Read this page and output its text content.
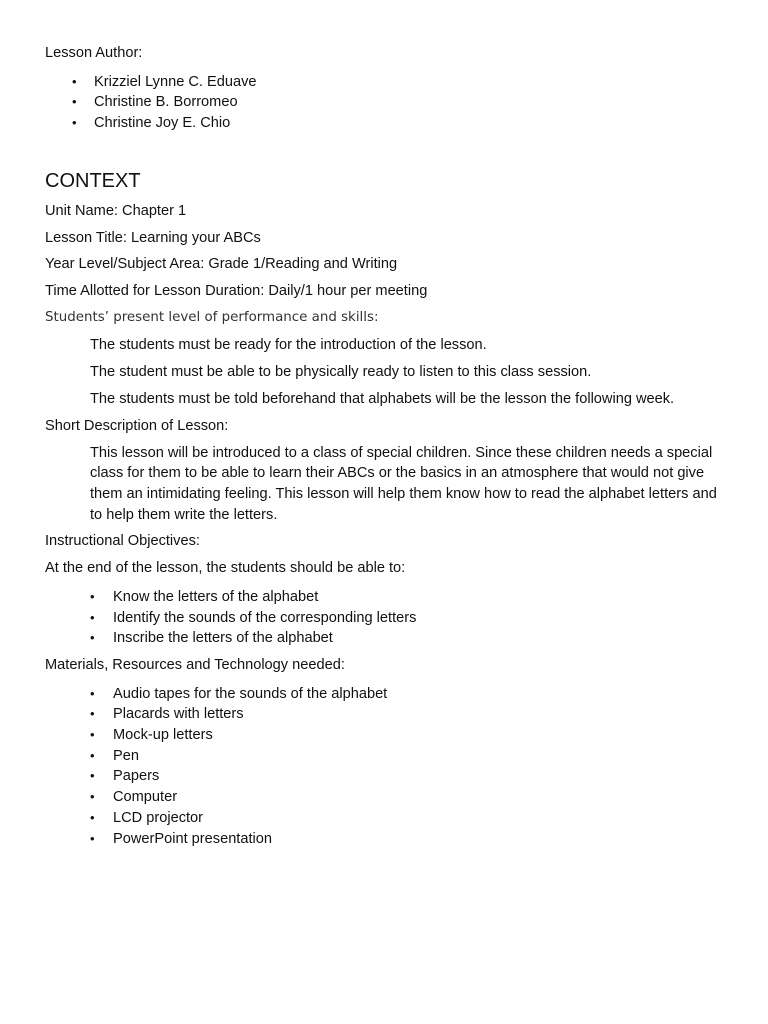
Lesson Author:

• Krizziel Lynne C. Eduave
• Christine B. Borromeo
• Christine Joy E. Chio

CONTEXT

Unit Name: Chapter 1

Lesson Title: Learning your ABCs

Year Level/Subject Area: Grade 1/Reading and Writing

Time Allotted for Lesson Duration: Daily/1 hour per meeting

Students’ present level of performance and skills:

The students must be ready for the introduction of the lesson.

The student must be able to be physically ready to listen to this class session.

The students must be told beforehand that alphabets will be the lesson the following week.

Short Description of Lesson:

This lesson will be introduced to a class of special children. Since these children needs a special class for them to be able to learn their ABCs or the basics in an atmosphere that would not give them an intimidating feeling. This lesson will help them know how to read the alphabet letters and to help them write the letters.

Instructional Objectives:

At the end of the lesson, the students should be able to:

• Know the letters of the alphabet
• Identify the sounds of the corresponding letters
• Inscribe the letters of the alphabet

Materials, Resources and Technology needed:

• Audio tapes for the sounds of the alphabet
• Placards with letters
• Mock-up letters
• Pen
• Papers
• Computer
• LCD projector
• PowerPoint presentation
